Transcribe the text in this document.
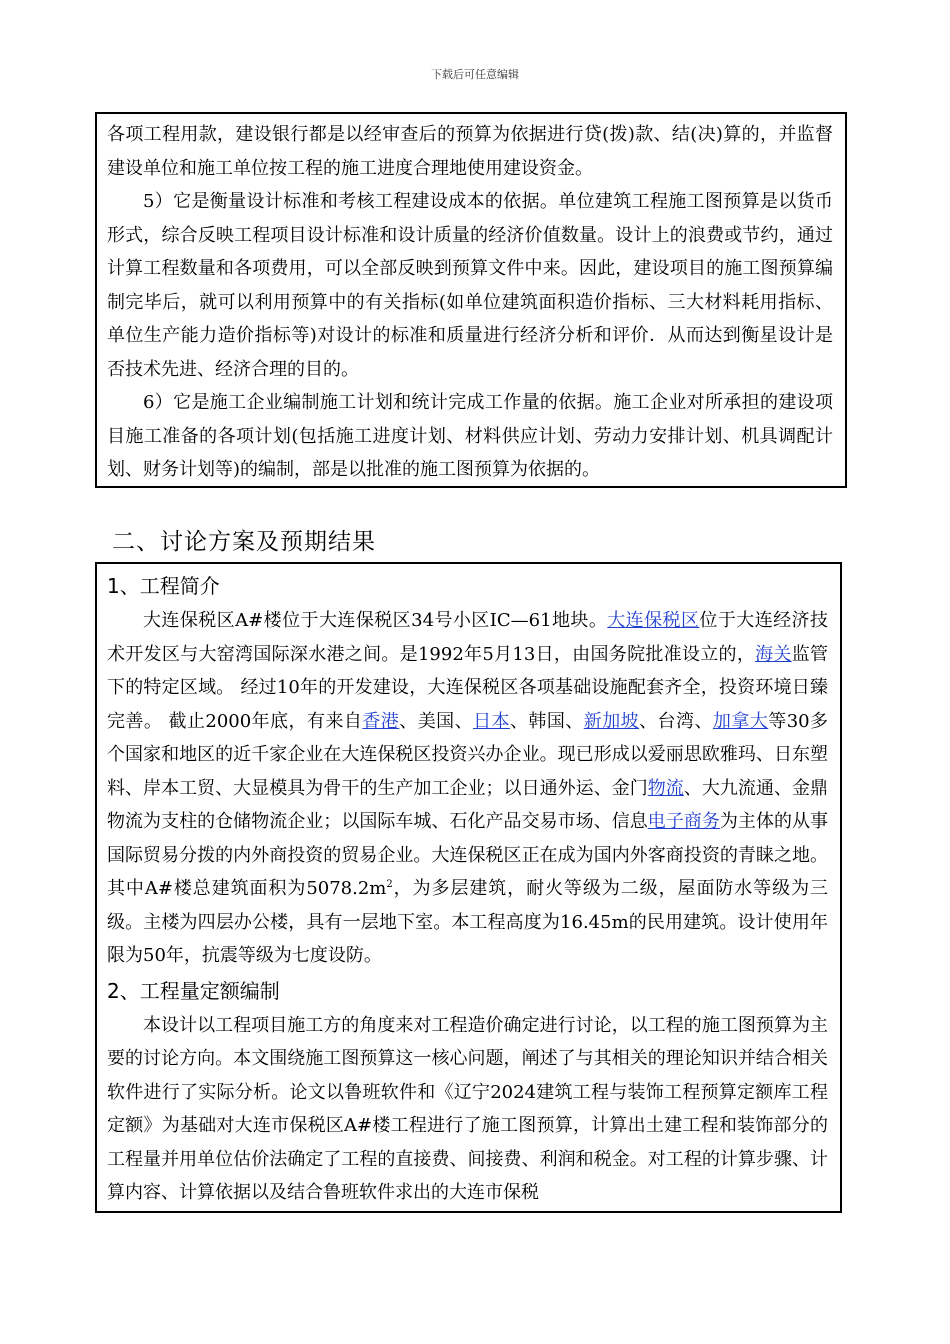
下载后可任意编辑

各项工程用款，建设银行都是以经审查后的预算为依据进行贷(拨)款、结(决)算的，并监督建设单位和施工单位按工程的施工进度合理地使用建设资金。

5）它是衡量设计标准和考核工程建设成本的依据。单位建筑工程施工图预算是以货币形式，综合反映工程项目设计标准和设计质量的经济价值数量。设计上的浪费或节约，通过计算工程数量和各项费用，可以全部反映到预算文件中来。因此，建设项目的施工图预算编制完毕后，就可以利用预算中的有关指标(如单位建筑面积造价指标、三大材料耗用指标、单位生产能力造价指标等)对设计的标准和质量进行经济分析和评价．从而达到衡星设计是否技术先进、经济合理的目的。

6）它是施工企业编制施工计划和统计完成工作量的依据。施工企业对所承担的建设项目施工准备的各项计划(包括施工进度计划、材料供应计划、劳动力安排计划、机具调配计划、财务计划等)的编制，部是以批准的施工图预算为依据的。

二、讨论方案及预期结果
1、工程简介

大连保税区A#楼位于大连保税区34号小区IC—61地块。大连保税区位于大连经济技术开发区与大窑湾国际深水港之间。是1992年5月13日，由国务院批准设立的，海关监管下的特定区域。 经过10年的开发建设，大连保税区各项基础设施配套齐全，投资环境日臻完善。 截止2000年底，有来自香港、美国、日本、韩国、新加坡、台湾、加拿大等30多个国家和地区的近千家企业在大连保税区投资兴办企业。现已形成以爱丽思欧雅玛、日东塑料、岸本工贸、大显模具为骨干的生产加工企业；以日通外运、金门物流、大九流通、金鼎物流为支柱的仓储物流企业；以国际车城、石化产品交易市场、信息电子商务为主体的从事国际贸易分拨的内外商投资的贸易企业。大连保税区正在成为国内外客商投资的青睐之地。其中A#楼总建筑面积为$5078.2m^2$，为多层建筑，耐火等级为二级，屋面防水等级为三级。主楼为四层办公楼，具有一层地下室。本工程高度为16.45m的民用建筑。设计使用年限为50年，抗震等级为七度设防。

2、工程量定额编制

本设计以工程项目施工方的角度来对工程造价确定进行讨论，以工程的施工图预算为主要的讨论方向。本文围绕施工图预算这一核心问题，阐述了与其相关的理论知识并结合相关软件进行了实际分析。论文以鲁班软件和《辽宁2024建筑工程与装饰工程预算定额库工程定额》为基础对大连市保税区A#楼工程进行了施工图预算，计算出土建工程和装饰部分的工程量并用单位估价法确定了工程的直接费、间接费、利润和税金。对工程的计算步骤、计算内容、计算依据以及结合鲁班软件求出的大连市保税
